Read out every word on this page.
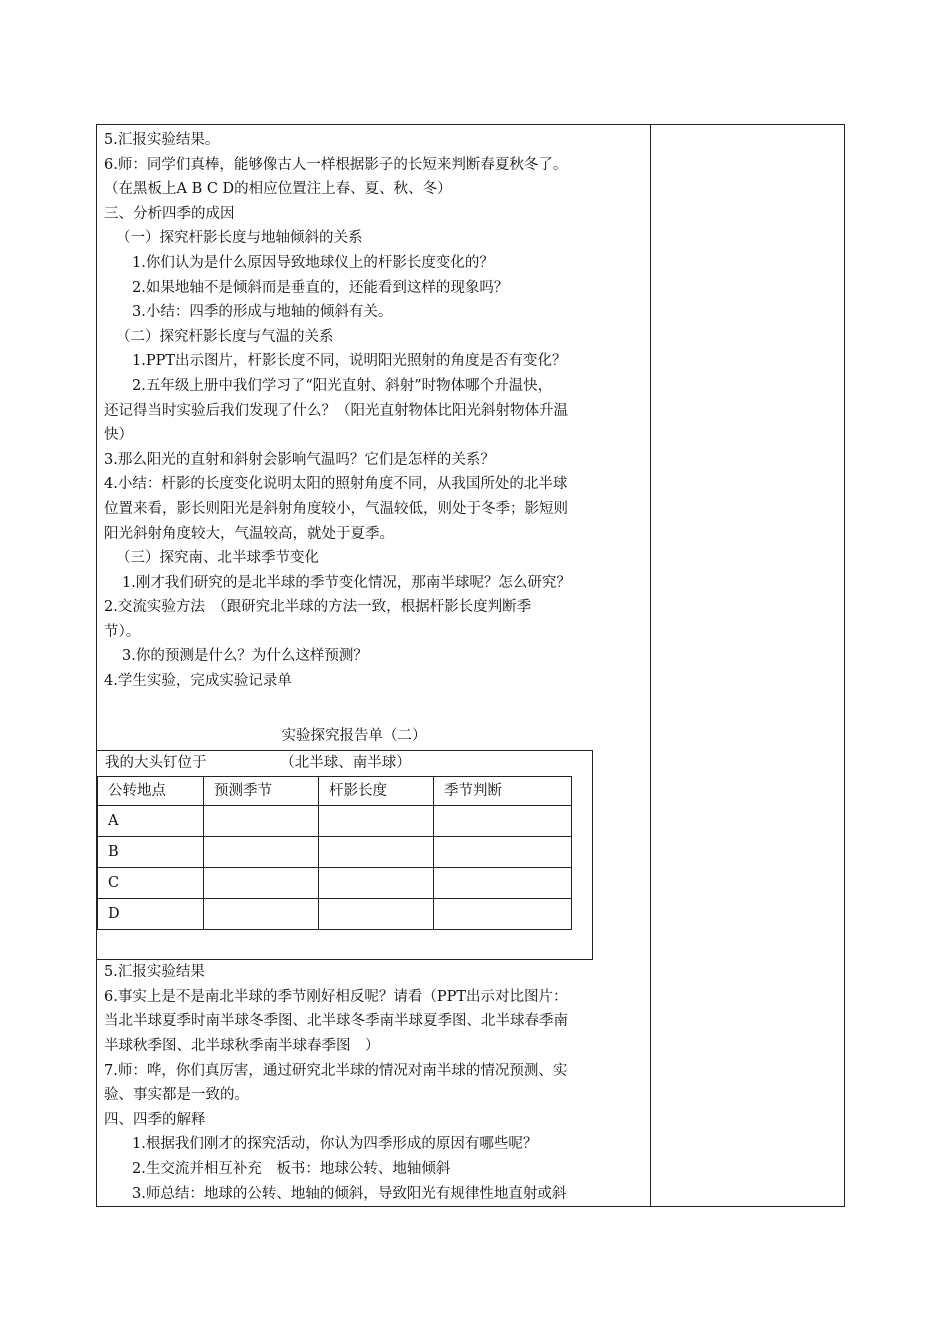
5.汇报实验结果。
6.师：同学们真棒，能够像古人一样根据影子的长短来判断春夏秋冬了。
（在黑板上A B C D的相应位置注上春、夏、秋、冬）
三、分析四季的成因
（一）探究杆影长度与地轴倾斜的关系
1.你们认为是什么原因导致地球仪上的杆影长度变化的？
2.如果地轴不是倾斜而是垂直的，还能看到这样的现象吗？
3.小结：四季的形成与地轴的倾斜有关。
（二）探究杆影长度与气温的关系
1.PPT出示图片，杆影长度不同，说明阳光照射的角度是否有变化？
2.五年级上册中我们学习了“阳光直射、斜射”时物体哪个升温快，
还记得当时实验后我们发现了什么？（阳光直射物体比阳光斜射物体升温
快）
3.那么阳光的直射和斜射会影响气温吗？它们是怎样的关系？
4.小结：杆影的长度变化说明太阳的照射角度不同，从我国所处的北半球
位置来看，影长则阳光是斜射角度较小，气温较低，则处于冬季；影短则
阳光斜射角度较大，气温较高，就处于夏季。
（三）探究南、北半球季节变化
1.刚才我们研究的是北半球的季节变化情况，那南半球呢？怎么研究？
2.交流实验方法　（跟研究北半球的方法一致，根据杆影长度判断季
节）。
3.你的预测是什么？为什么这样预测？
4.学生实验，完成实验记录单
实验探究报告单（二）
我的大头钉位于	（北半球、南半球）
公转地点	预测季节	杆影长度	季节判断
A			
B			
C			
D			
5.汇报实验结果
6.事实上是不是南北半球的季节刚好相反呢？请看（PPT出示对比图片：
当北半球夏季时南半球冬季图、北半球冬季南半球夏季图、北半球春季南
半球秋季图、北半球秋季南半球春季图　）
7.师：哗，你们真厉害，通过研究北半球的情况对南半球的情况预测、实
验、事实都是一致的。
四、四季的解释
1.根据我们刚才的探究活动，你认为四季形成的原因有哪些呢？
2.生交流并相互补充　板书：地球公转、地轴倾斜
3.师总结：地球的公转、地轴的倾斜，导致阳光有规律性地直射或斜
